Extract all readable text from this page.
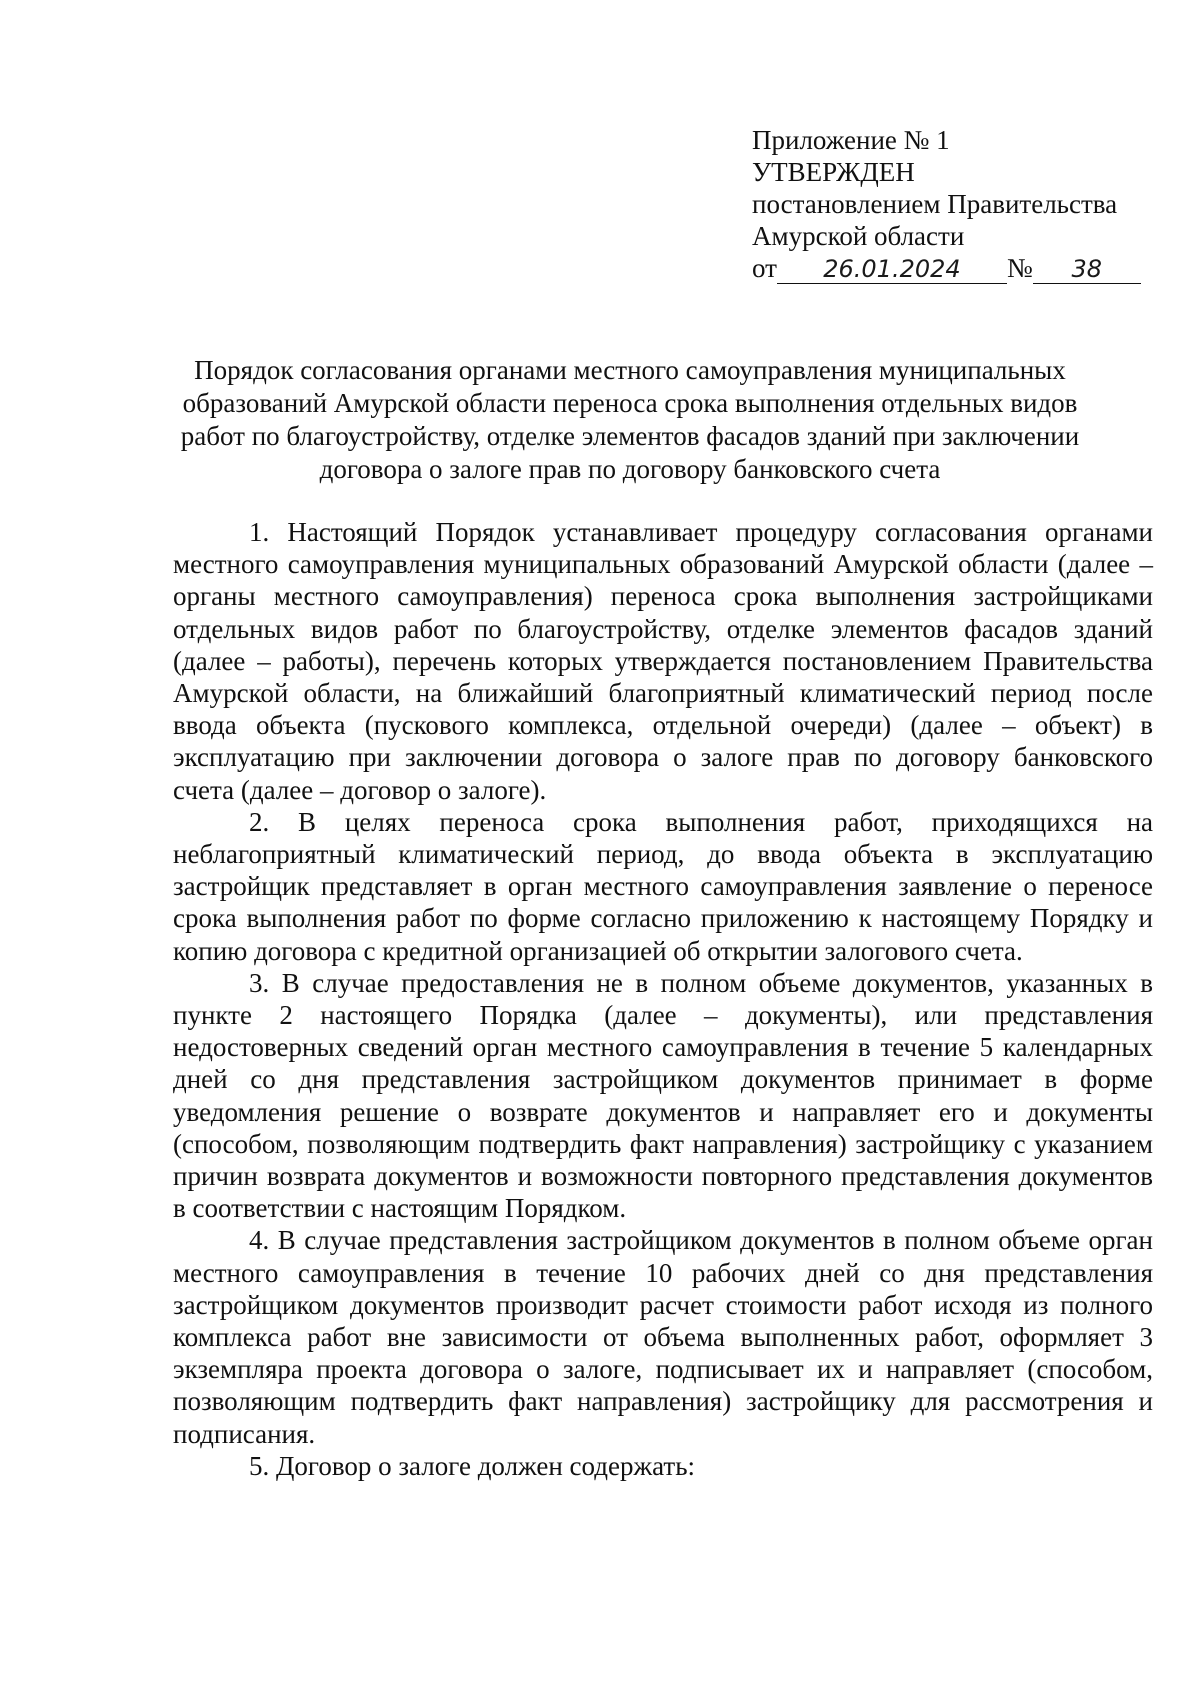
Приложение № 1
УТВЕРЖДЕН
постановлением Правительства
Амурской области
от 26.01.2024 № 38
Порядок согласования органами местного самоуправления муниципальных образований Амурской области переноса срока выполнения отдельных видов работ по благоустройству, отделке элементов фасадов зданий при заключении договора о залоге прав по договору банковского счета

1. Настоящий Порядок устанавливает процедуру согласования органами местного самоуправления муниципальных образований Амурской области (далее – органы местного самоуправления) переноса срока выполнения застройщиками отдельных видов работ по благоустройству, отделке элементов фасадов зданий (далее – работы), перечень которых утверждается постановлением Правительства Амурской области, на ближайший благоприятный климатический период после ввода объекта (пускового комплекса, отдельной очереди) (далее – объект) в эксплуатацию при заключении договора о залоге прав по договору банковского счета (далее – договор о залоге).

2. В целях переноса срока выполнения работ, приходящихся на неблагоприятный климатический период, до ввода объекта в эксплуатацию застройщик представляет в орган местного самоуправления заявление о переносе срока выполнения работ по форме согласно приложению к настоящему Порядку и копию договора с кредитной организацией об открытии залогового счета.

3. В случае предоставления не в полном объеме документов, указанных в пункте 2 настоящего Порядка (далее – документы), или представления недостоверных сведений орган местного самоуправления в течение 5 календарных дней со дня представления застройщиком документов принимает в форме уведомления решение о возврате документов и направляет его и документы (способом, позволяющим подтвердить факт направления) застройщику с указанием причин возврата документов и возможности повторного представления документов в соответствии с настоящим Порядком.

4. В случае представления застройщиком документов в полном объеме орган местного самоуправления в течение 10 рабочих дней со дня представления застройщиком документов производит расчет стоимости работ исходя из полного комплекса работ вне зависимости от объема выполненных работ, оформляет 3 экземпляра проекта договора о залоге, подписывает их и направляет (способом, позволяющим подтвердить факт направления) застройщику для рассмотрения и подписания.

5. Договор о залоге должен содержать:
